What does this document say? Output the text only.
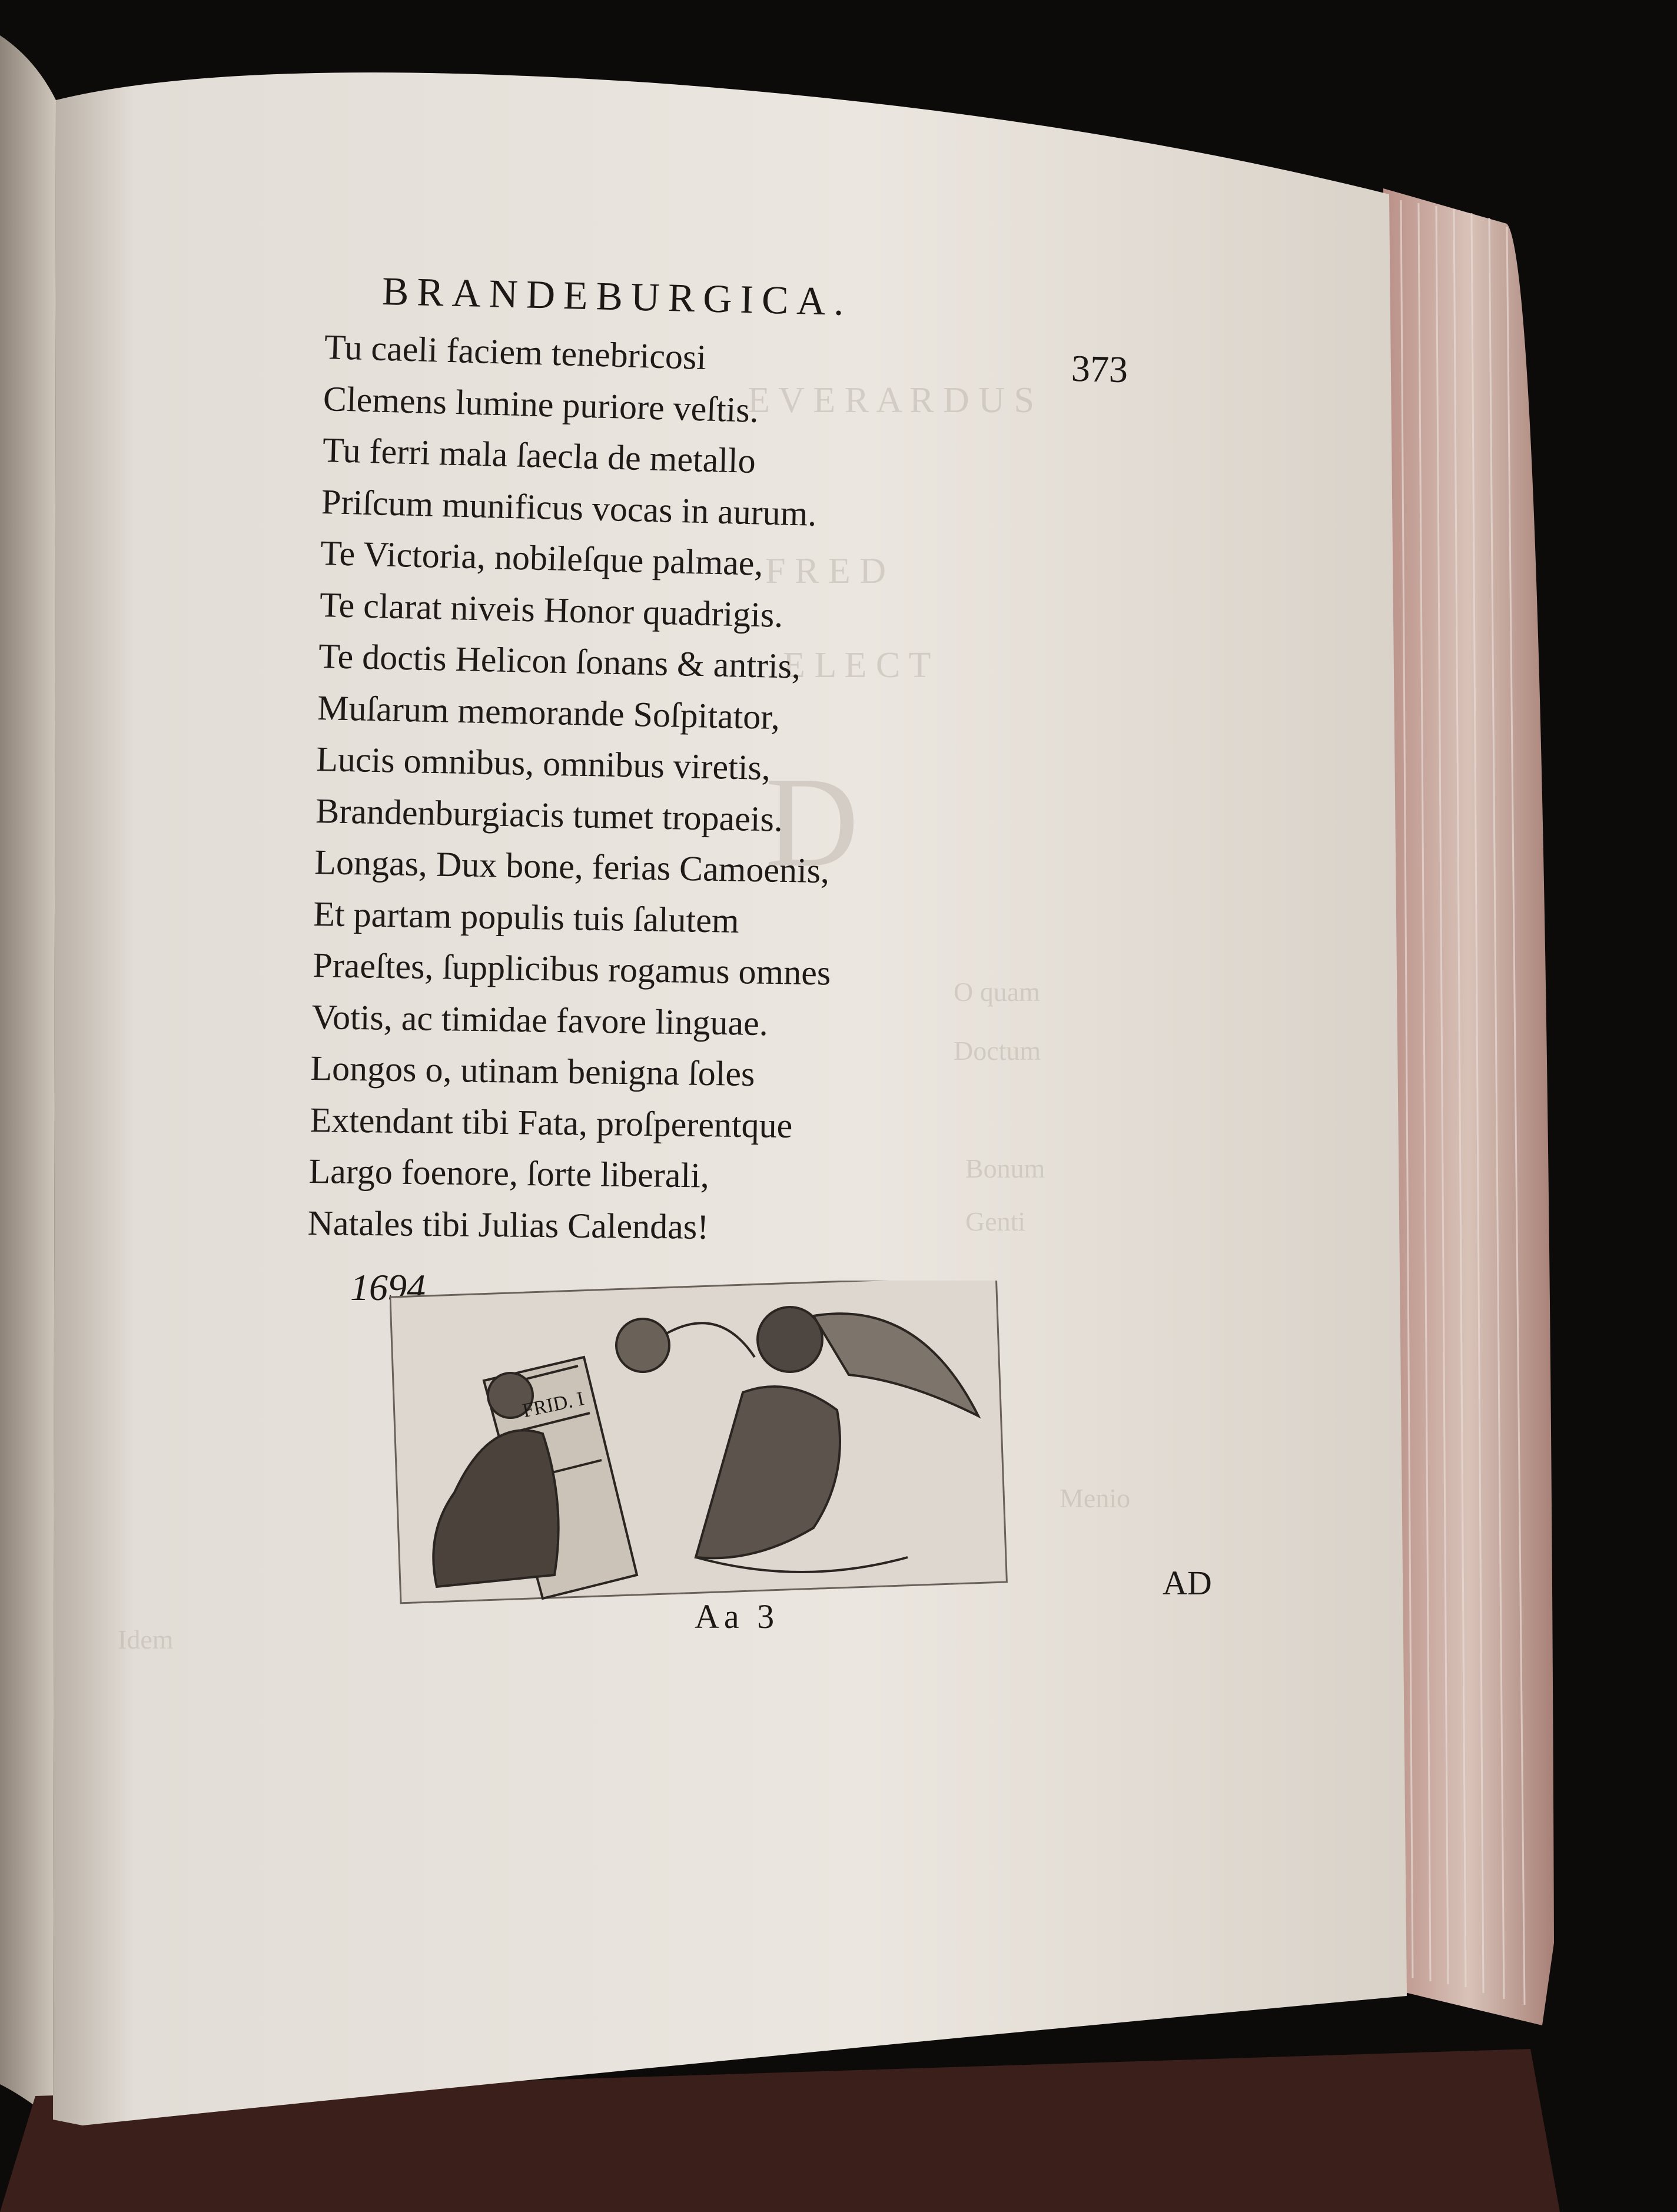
E V E R A R D U S
F R E D
E L E C T
D
O quam
Doctum
Bonum
Genti
Menio
Idem
BRANDEBURGICA.
373
Tu caeli faciem tenebricosi
Clemens lumine puriore veſtis.
Tu ferri mala ſaecla de metallo
Priſcum munificus vocas in aurum.
Te Victoria, nobileſque palmae,
Te clarat niveis Honor quadrigis.
Te doctis Helicon ſonans & antris,
Muſarum memorande Soſpitator,
Lucis omnibus, omnibus viretis,
Brandenburgiacis tumet tropaeis.
Longas, Dux bone, ferias Camoenis,
Et partam populis tuis ſalutem
Praeſtes, ſupplicibus rogamus omnes
Votis, ac timidae favore linguae.
Longos o, utinam benigna ſoles
Extendant tibi Fata, proſperentque
Largo foenore, ſorte liberali,
Natales tibi Julias Calendas!
1694.
FRID. I
AD
Aa 3
